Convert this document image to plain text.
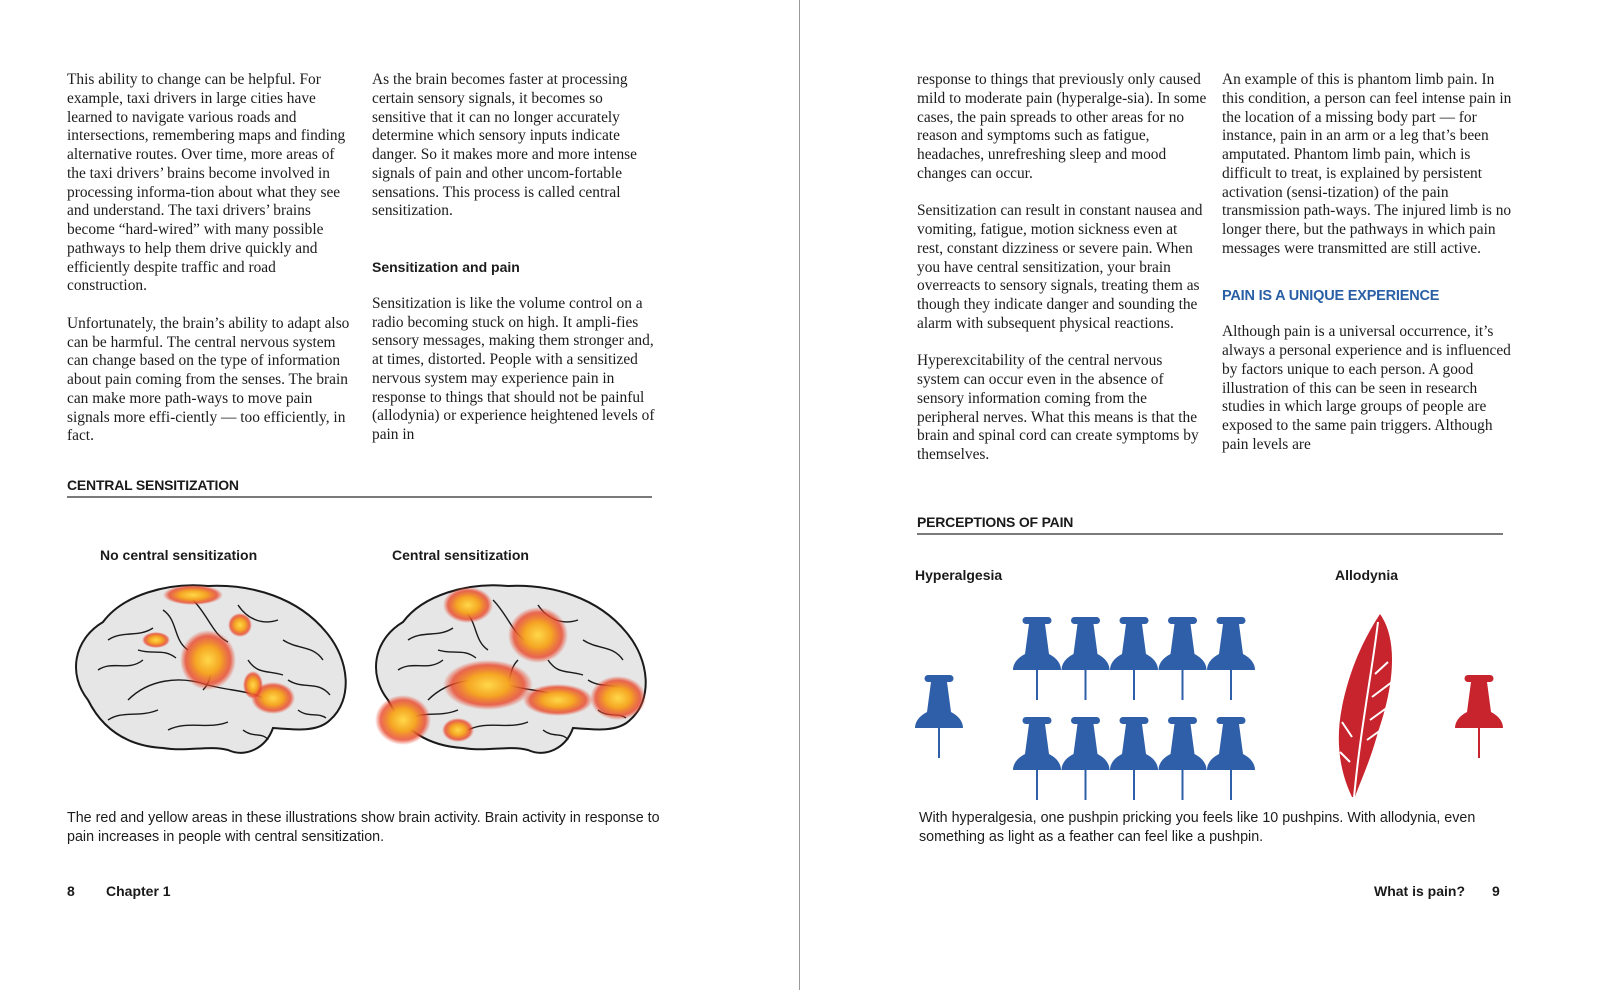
This ability to change can be helpful. For example, taxi drivers in large cities have learned to navigate various roads and intersections, remembering maps and finding alternative routes. Over time, more areas of the taxi drivers’ brains become involved in processing informa-tion about what they see and understand. The taxi drivers’ brains become “hard-wired” with many possible pathways to help them drive quickly and efficiently despite traffic and road construction.

Unfortunately, the brain’s ability to adapt also can be harmful. The central nervous system can change based on the type of information about pain coming from the senses. The brain can make more path-ways to move pain signals more effi-ciently — too efficiently, in fact.

As the brain becomes faster at processing certain sensory signals, it becomes so sensitive that it can no longer accurately determine which sensory inputs indicate danger. So it makes more and more intense signals of pain and other uncom-fortable sensations. This process is called central sensitization.

Sensitization and pain

Sensitization is like the volume control on a radio becoming stuck on high. It ampli-fies sensory messages, making them stronger and, at times, distorted. People with a sensitized nervous system may experience pain in response to things that should not be painful (allodynia) or experience heightened levels of pain in

CENTRAL SENSITIZATION
No central sensitization	Central sensitization
The red and yellow areas in these illustrations show brain activity. Brain activity in response to pain increases in people with central sensitization.
8 Chapter 1

response to things that previously only caused mild to moderate pain (hyperalge-sia). In some cases, the pain spreads to other areas for no reason and symptoms such as fatigue, headaches, unrefreshing sleep and mood changes can occur.

Sensitization can result in constant nausea and vomiting, fatigue, motion sickness even at rest, constant dizziness or severe pain. When you have central sensitization, your brain overreacts to sensory signals, treating them as though they indicate danger and sounding the alarm with subsequent physical reactions.

Hyperexcitability of the central nervous system can occur even in the absence of sensory information coming from the peripheral nerves. What this means is that the brain and spinal cord can create symptoms by themselves.

An example of this is phantom limb pain. In this condition, a person can feel intense pain in the location of a missing body part — for instance, pain in an arm or a leg that’s been amputated. Phantom limb pain, which is difficult to treat, is explained by persistent activation (sensi-tization) of the pain transmission path-ways. The injured limb is no longer there, but the pathways in which pain messages were transmitted are still active.

PAIN IS A UNIQUE EXPERIENCE

Although pain is a universal occurrence, it’s always a personal experience and is influenced by factors unique to each person. A good illustration of this can be seen in research studies in which large groups of people are exposed to the same pain triggers. Although pain levels are

PERCEPTIONS OF PAIN
Hyperalgesia	Allodynia
With hyperalgesia, one pushpin pricking you feels like 10 pushpins. With allodynia, even something as light as a feather can feel like a pushpin.
What is pain? 9
